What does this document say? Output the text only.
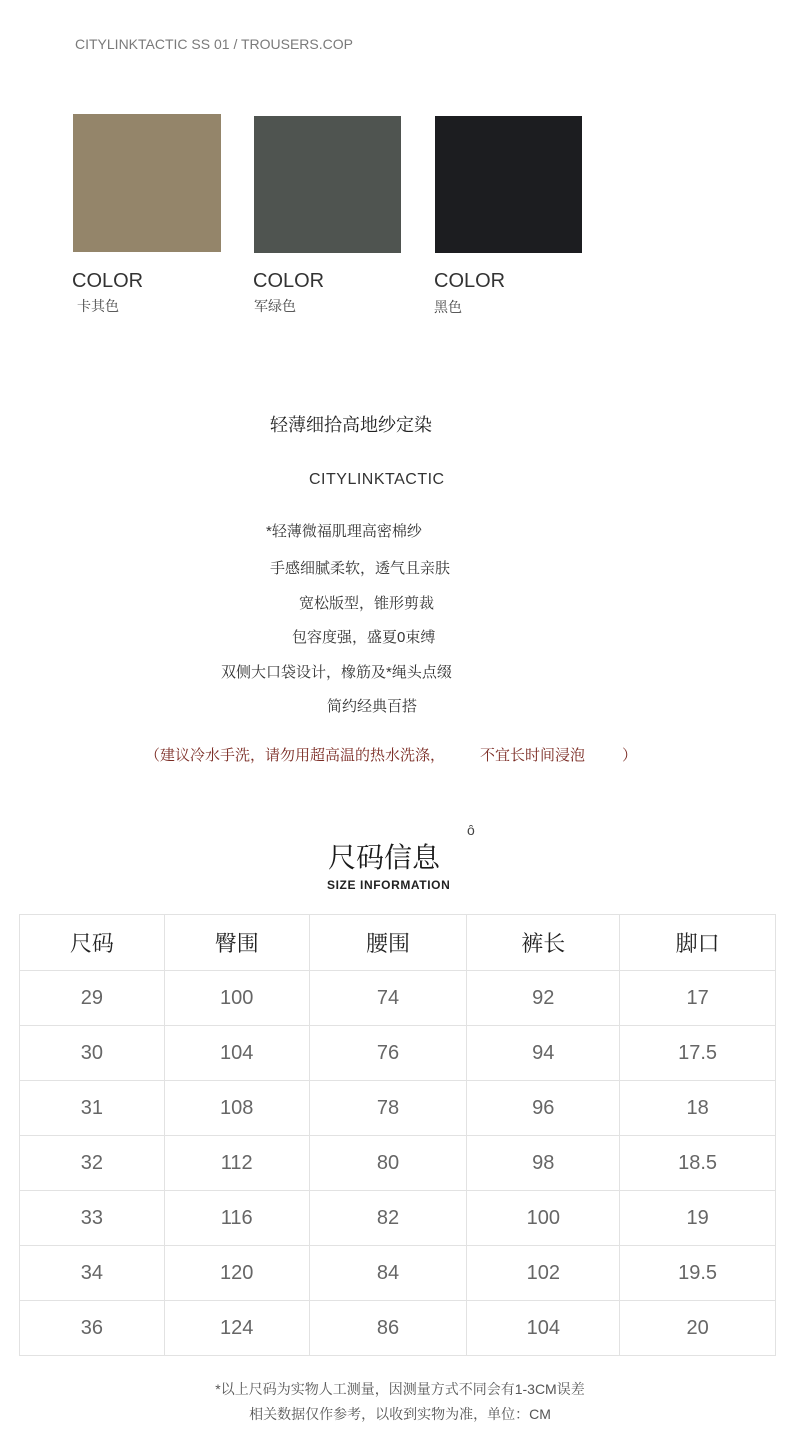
CITYLINKTACTIC SS 01 / TROUSERS.COP
COLOR
卡其色
COLOR
军绿色
COLOR
黑色
轻薄细拾高地纱定染
CITYLINKTACTIC
*轻薄微福肌理高密棉纱
手感细腻柔软，透气且亲肤
宽松版型，锥形剪裁
包容度强，盛夏0束缚
双侧大口袋设计，橡筋及*绳头点缀
简约经典百搭
（建议冷水手洗，请勿用超高温的热水洗涤， 不宜长时间浸泡 ）
ȏ
尺码信息
SIZE INFORMATION
尺码	臀围	腰围	裤长	脚口
29	100	74	92	17
30	104	76	94	17.5
31	108	78	96	18
32	112	80	98	18.5
33	116	82	100	19
34	120	84	102	19.5
36	124	86	104	20
*以上尺码为实物人工测量，因测量方式不同会有1-3CM误差
相关数据仅作参考，以收到实物为准，单位：CM
